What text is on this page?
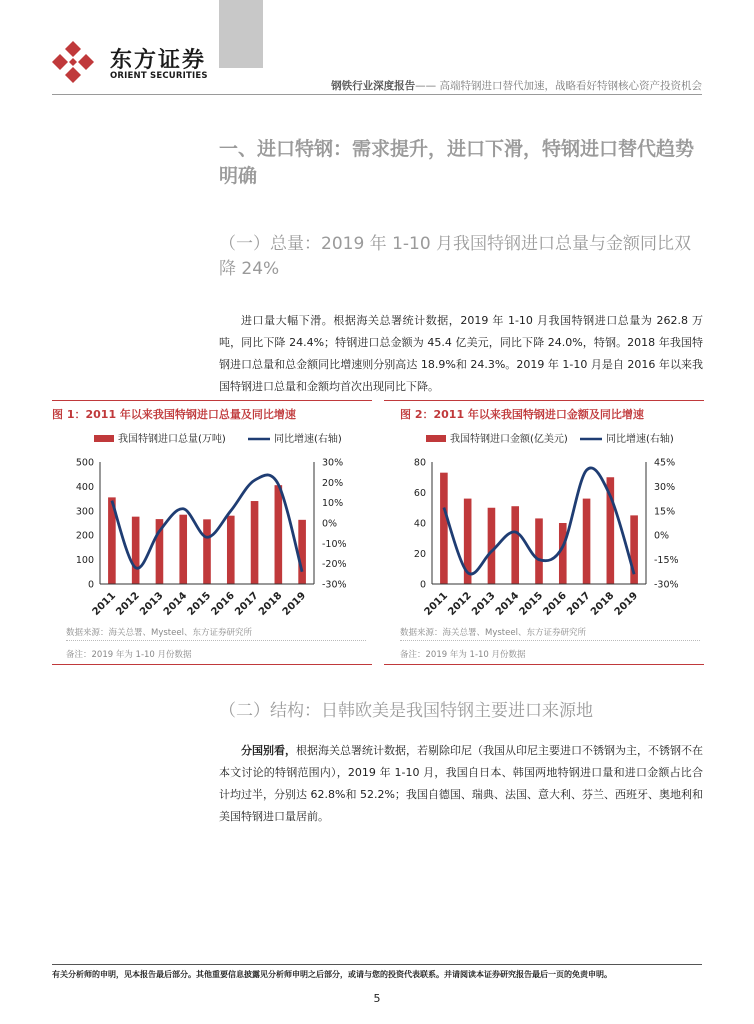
东方证券
ORIENT SECURITIES
钢铁行业深度报告—— 高端特钢进口替代加速，战略看好特钢核心资产投资机会
一、进口特钢：需求提升，进口下滑，特钢进口替代趋势明确
（一）总量：2019 年 1-10 月我国特钢进口总量与金额同比双降 24%
进口量大幅下滑。根据海关总署统计数据，2019 年 1-10 月我国特钢进口总量为 262.8 万吨，同比下降 24.4%；特钢进口总金额为 45.4 亿美元，同比下降 24.0%，特钢。2018 年我国特钢进口总量和总金额同比增速则分别高达 18.9%和 24.3%。2019 年 1-10 月是自 2016 年以来我国特钢进口总量和金额均首次出现同比下降。
图 1：2011 年以来我国特钢进口总量及同比增速
我国特钢进口总量(万吨)	同比增速(右轴)
0
100
200
300
400
500
-30%
-20%
-10%
0%
10%
20%
30%
2011
2012
2013
2014
2015
2016
2017
2018
2019
数据来源：海关总署、Mysteel、东方证券研究所
备注：2019 年为 1-10 月份数据
图 2：2011 年以来我国特钢进口金额及同比增速
我国特钢进口金额(亿美元)	同比增速(右轴)
0
20
40
60
80
-30%
-15%
0%
15%
30%
45%
2011
2012
2013
2014
2015
2016
2017
2018
2019
数据来源：海关总署、Mysteel、东方证券研究所
备注：2019 年为 1-10 月份数据
（二）结构：日韩欧美是我国特钢主要进口来源地
分国别看，根据海关总署统计数据，若剔除印尼（我国从印尼主要进口不锈钢为主，不锈钢不在本文讨论的特钢范围内），2019 年 1-10 月，我国自日本、韩国两地特钢进口量和进口金额占比合计均过半，分别达 62.8%和 52.2%；我国自德国、瑞典、法国、意大利、芬兰、西班牙、奥地利和美国特钢进口量居前。
有关分析师的申明，见本报告最后部分。其他重要信息披露见分析师申明之后部分，或请与您的投资代表联系。并请阅读本证券研究报告最后一页的免责申明。
5
